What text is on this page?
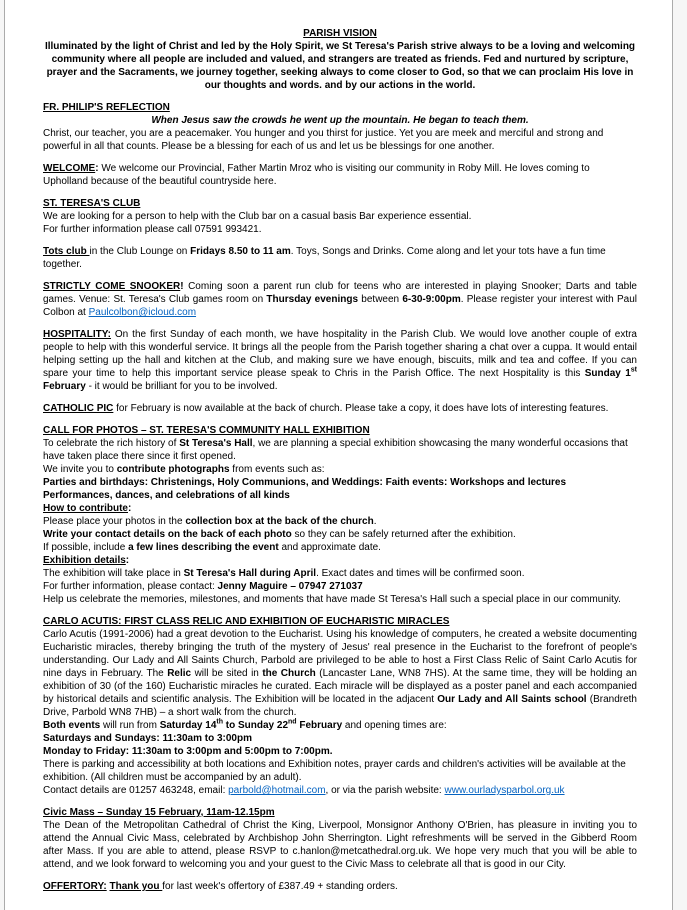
PARISH VISION
Illuminated by the light of Christ and led by the Holy Spirit, we St Teresa's Parish strive always to be a loving and welcoming community where all people are included and valued, and strangers are treated as friends. Fed and nurtured by scripture, prayer and the Sacraments, we journey together, seeking always to come closer to God, so that we can proclaim His love in our thoughts and words. and by our actions in the world.
FR. PHILIP'S REFLECTION
When Jesus saw the crowds he went up the mountain. He began to teach them.
Christ, our teacher, you are a peacemaker. You hunger and you thirst for justice. Yet you are meek and merciful and strong and powerful in all that counts. Please be a blessing for each of us and let us be blessings for one another.
WELCOME: We welcome our Provincial, Father Martin Mroz who is visiting our community in Roby Mill. He loves coming to Upholland because of the beautiful countryside here.
ST. TERESA'S CLUB
We are looking for a person to help with the Club bar on a casual basis Bar experience essential.
For further information please call 07591 993421.
Tots club in the Club Lounge on Fridays 8.50 to 11 am. Toys, Songs and Drinks. Come along and let your tots have a fun time together.
STRICTLY COME SNOOKER! Coming soon a parent run club for teens who are interested in playing Snooker; Darts and table games. Venue: St. Teresa's Club games room on Thursday evenings between 6-30-9:00pm. Please register your interest with Paul Colbon at Paulcolbon@icloud.com
HOSPITALITY: On the first Sunday of each month, we have hospitality in the Parish Club. We would love another couple of extra people to help with this wonderful service. It brings all the people from the Parish together sharing a chat over a cuppa. It would entail helping setting up the hall and kitchen at the Club, and making sure we have enough, biscuits, milk and tea and coffee. If you can spare your time to help this important service please speak to Chris in the Parish Office. The next Hospitality is this Sunday 1st February - it would be brilliant for you to be involved.
CATHOLIC PIC for February is now available at the back of church. Please take a copy, it does have lots of interesting features.
CALL FOR PHOTOS – ST. TERESA'S COMMUNITY HALL EXHIBITION
To celebrate the rich history of St Teresa's Hall, we are planning a special exhibition showcasing the many wonderful occasions that have taken place there since it first opened.
We invite you to contribute photographs from events such as:
Parties and birthdays: Christenings, Holy Communions, and Weddings: Faith events: Workshops and lectures
Performances, dances, and celebrations of all kinds
How to contribute:
Please place your photos in the collection box at the back of the church.
Write your contact details on the back of each photo so they can be safely returned after the exhibition.
If possible, include a few lines describing the event and approximate date.
Exhibition details:
The exhibition will take place in St Teresa's Hall during April. Exact dates and times will be confirmed soon.
For further information, please contact: Jenny Maguire – 07947 271037
Help us celebrate the memories, milestones, and moments that have made St Teresa's Hall such a special place in our community.
CARLO ACUTIS: FIRST CLASS RELIC AND EXHIBITION OF EUCHARISTIC MIRACLES
Carlo Acutis (1991-2006) had a great devotion to the Eucharist. Using his knowledge of computers, he created a website documenting Eucharistic miracles, thereby bringing the truth of the mystery of Jesus' real presence in the Eucharist to the forefront of people's understanding. Our Lady and All Saints Church, Parbold are privileged to be able to host a First Class Relic of Saint Carlo Acutis for nine days in February. The Relic will be sited in the Church (Lancaster Lane, WN8 7HS). At the same time, they will be holding an exhibition of 30 (of the 160) Eucharistic miracles he curated. Each miracle will be displayed as a poster panel and each accompanied by historical details and scientific analysis. The Exhibition will be located in the adjacent Our Lady and All Saints school (Brandreth Drive, Parbold WN8 7HB) – a short walk from the church.
Both events will run from Saturday 14th to Sunday 22nd February and opening times are:
Saturdays and Sundays: 11:30am to 3:00pm
Monday to Friday: 11:30am to 3:00pm and 5:00pm to 7:00pm.
There is parking and accessibility at both locations and Exhibition notes, prayer cards and children's activities will be available at the exhibition. (All children must be accompanied by an adult).
Contact details are 01257 463248, email: parbold@hotmail.com, or via the parish website: www.ourladysparbol.org.uk
Civic Mass – Sunday 15 February, 11am-12.15pm
The Dean of the Metropolitan Cathedral of Christ the King, Liverpool, Monsignor Anthony O'Brien, has pleasure in inviting you to attend the Annual Civic Mass, celebrated by Archbishop John Sherrington. Light refreshments will be served in the Gibberd Room after Mass. If you are able to attend, please RSVP to c.hanlon@metcathedral.org.uk. We hope very much that you will be able to attend, and we look forward to welcoming you and your guest to the Civic Mass to celebrate all that is good in our City.
OFFERTORY: Thank you for last week's offertory of £387.49 + standing orders.
